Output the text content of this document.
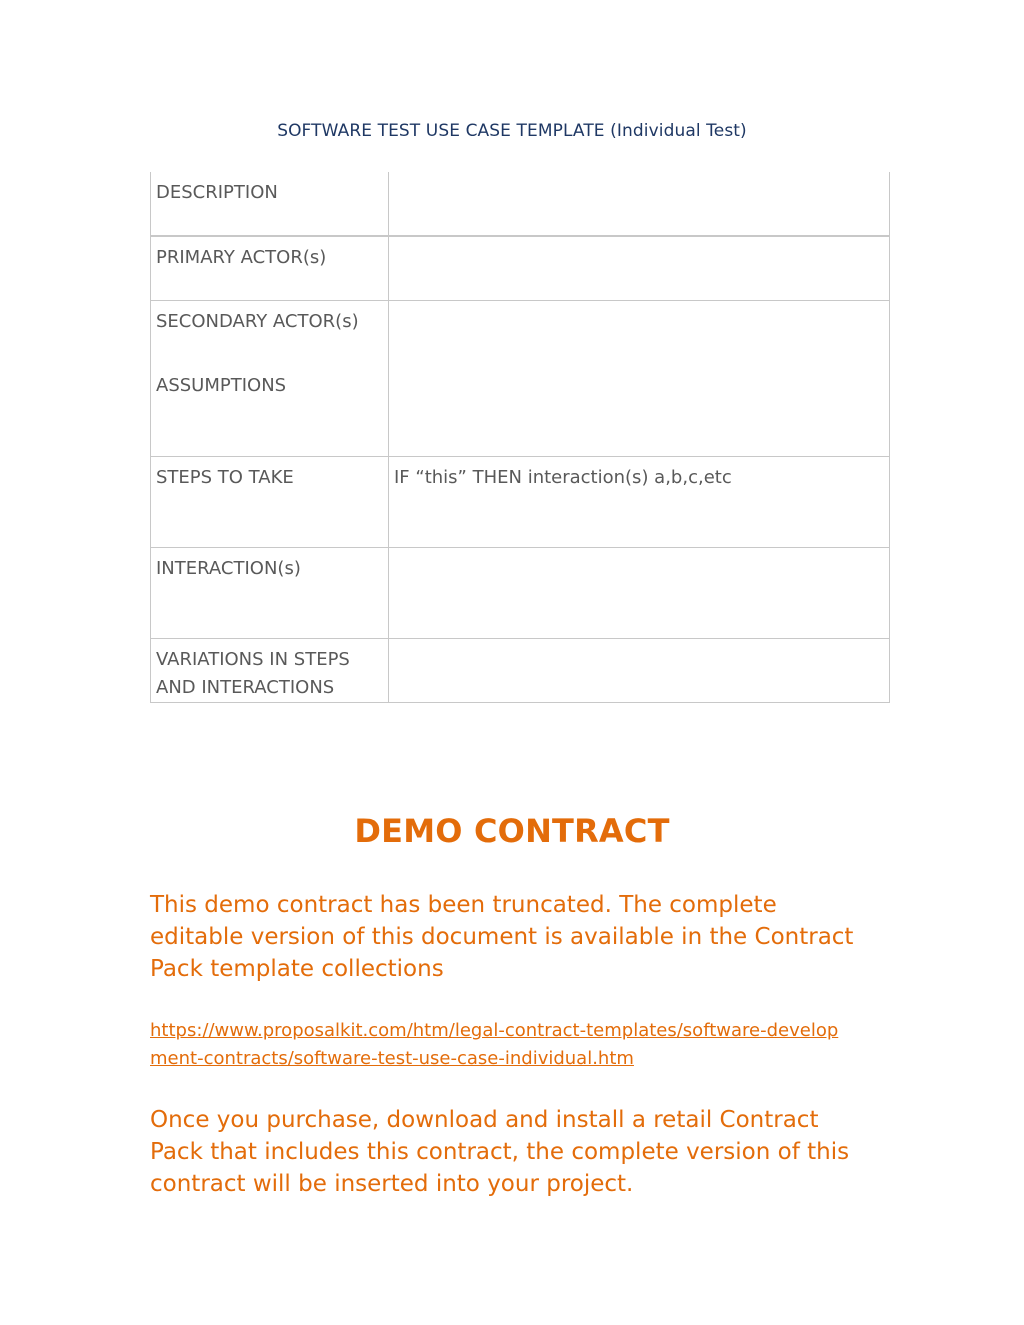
SOFTWARE TEST USE CASE TEMPLATE (Individual Test)
DESCRIPTION	
PRIMARY ACTOR(s)	

SECONDARY ACTOR(s)
ASSUMPTIONS	

STEPS TO TAKE	IF “this” THEN interaction(s) a,b,c,etc
INTERACTION(s)	
VARIATIONS IN STEPS AND INTERACTIONS	
DEMO CONTRACT

This demo contract has been truncated. The complete editable version of this document is available in the Contract Pack template collections

https://www.proposalkit.com/htm/legal-contract-templates/software-development-contracts/software-test-use-case-individual.htm

Once you purchase, download and install a retail Contract Pack that includes this contract, the complete version of this contract will be inserted into your project.
